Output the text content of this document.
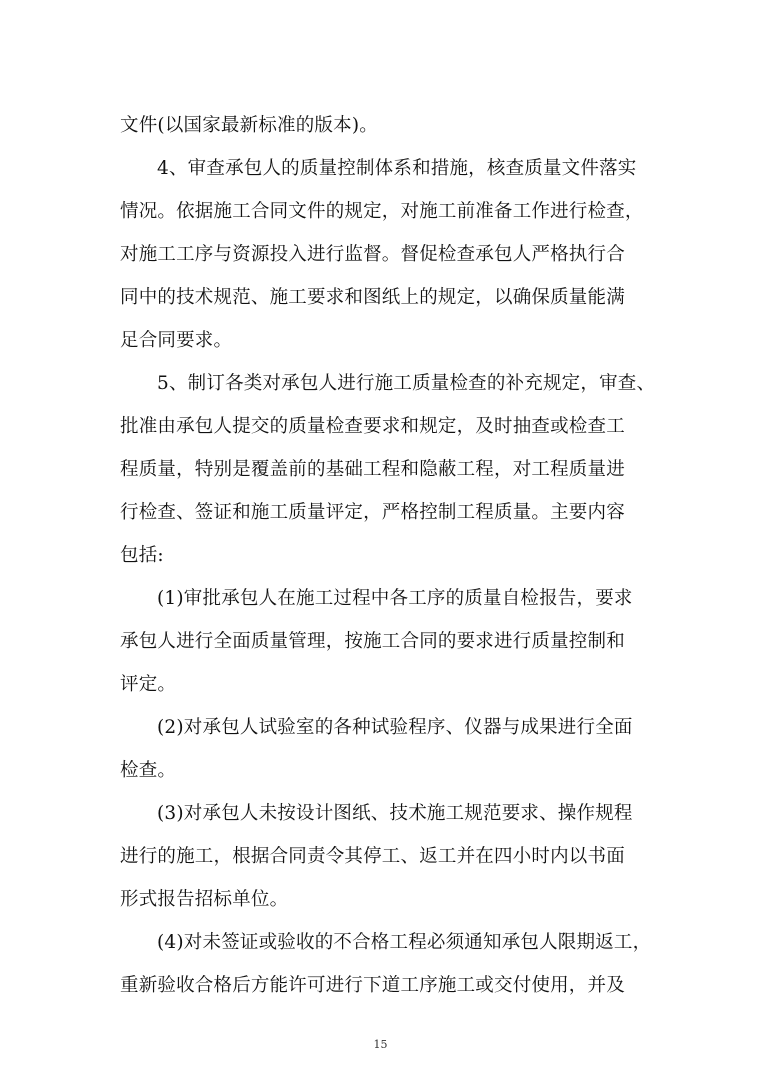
文件(以国家最新标准的版本)。
4、审查承包人的质量控制体系和措施，核查质量文件落实
情况。依据施工合同文件的规定，对施工前准备工作进行检查，
对施工工序与资源投入进行监督。督促检查承包人严格执行合
同中的技术规范、施工要求和图纸上的规定，以确保质量能满
足合同要求。
5、制订各类对承包人进行施工质量检查的补充规定，审查、
批准由承包人提交的质量检查要求和规定，及时抽查或检查工
程质量，特别是覆盖前的基础工程和隐蔽工程，对工程质量进
行检查、签证和施工质量评定，严格控制工程质量。主要内容
包括:
(1)审批承包人在施工过程中各工序的质量自检报告，要求
承包人进行全面质量管理，按施工合同的要求进行质量控制和
评定。
(2)对承包人试验室的各种试验程序、仪器与成果进行全面
检查。
(3)对承包人未按设计图纸、技术施工规范要求、操作规程
进行的施工，根据合同责令其停工、返工并在四小时内以书面
形式报告招标单位。
(4)对未签证或验收的不合格工程必须通知承包人限期返工，
重新验收合格后方能许可进行下道工序施工或交付使用，并及
15
